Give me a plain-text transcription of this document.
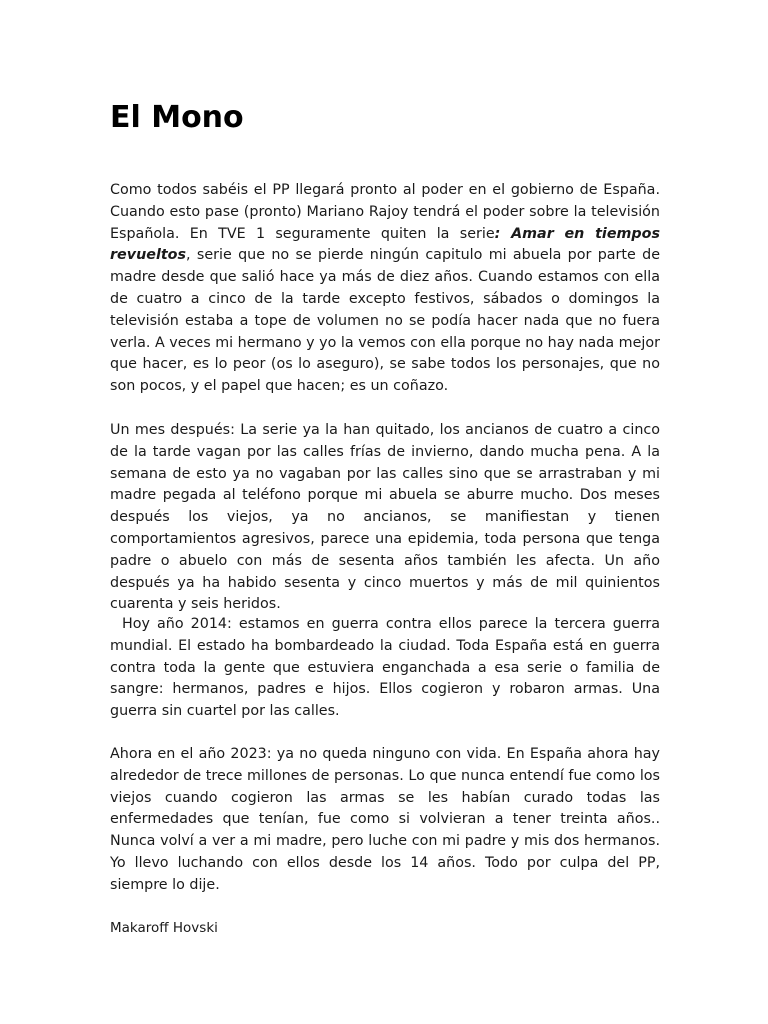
El Mono

Como todos sabéis el PP llegará pronto al poder en el gobierno de España. Cuando esto pase (pronto) Mariano Rajoy tendrá el poder sobre la televisión Española. En TVE 1 seguramente quiten la serie: Amar en tiempos revueltos, serie que no se pierde ningún capitulo mi abuela por parte de madre desde que salió hace ya más de diez años. Cuando estamos con ella de cuatro a cinco de la tarde excepto festivos, sábados o domingos la televisión estaba a tope de volumen no se podía hacer nada que no fuera verla. A veces mi hermano y yo la vemos con ella porque no hay nada mejor que hacer, es lo peor (os lo aseguro), se sabe todos los personajes, que no son pocos, y el papel que hacen; es un coñazo.

Un mes después: La serie ya la han quitado, los ancianos de cuatro a cinco de la tarde vagan por las calles frías de invierno, dando mucha pena. A la semana de esto ya no vagaban por las calles sino que se arrastraban y mi madre pegada al teléfono porque mi abuela se aburre mucho. Dos meses después los viejos, ya no ancianos, se manifiestan y tienen comportamientos agresivos, parece una epidemia, toda persona que tenga padre o abuelo con más de sesenta años también les afecta. Un año después ya ha habido sesenta y cinco muertos y más de mil quinientos cuarenta y seis heridos.

Hoy año 2014: estamos en guerra contra ellos parece la tercera guerra mundial. El estado ha bombardeado la ciudad. Toda España está en guerra contra toda la gente que estuviera enganchada a esa serie o familia de sangre: hermanos, padres e hijos. Ellos cogieron y robaron armas. Una guerra sin cuartel por las calles.

Ahora en el año 2023: ya no queda ninguno con vida. En España ahora hay alrededor de trece millones de personas. Lo que nunca entendí fue como los viejos cuando cogieron las armas se les habían curado todas las enfermedades que tenían, fue como si volvieran a tener treinta años.. Nunca volví a ver a mi madre, pero luche con mi padre y mis dos hermanos. Yo llevo luchando con ellos desde los 14 años. Todo por culpa del PP, siempre lo dije.

Makaroff Hovski
